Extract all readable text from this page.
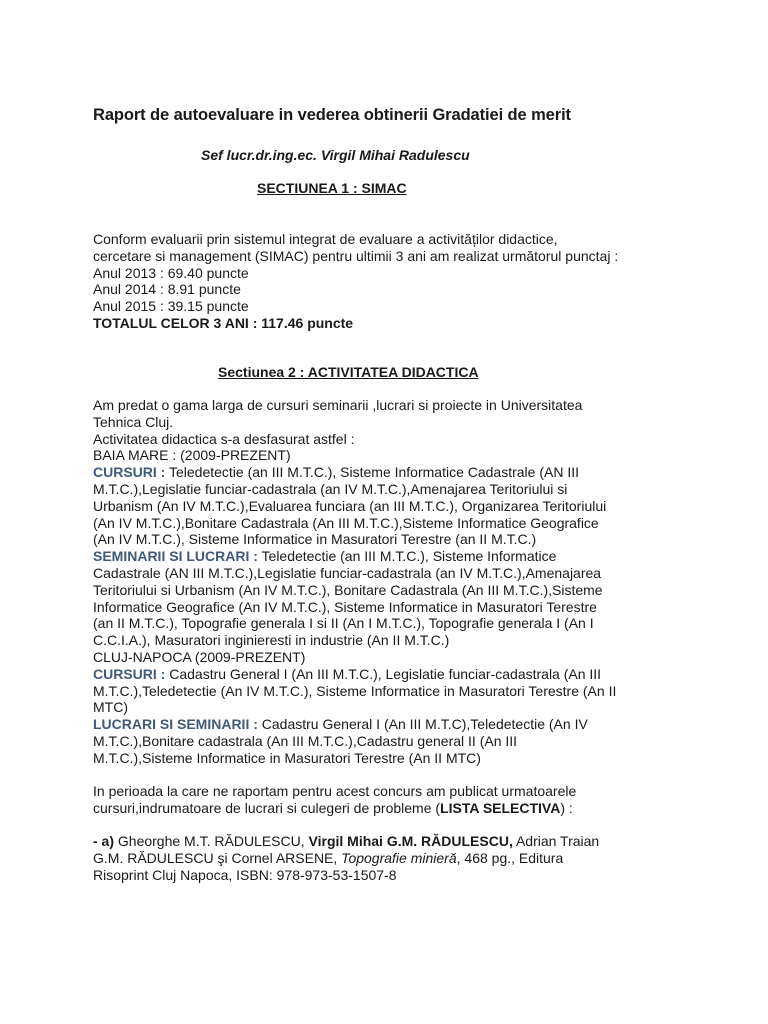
Raport de autoevaluare in vederea obtinerii Gradatiei de merit

Sef lucr.dr.ing.ec. Virgil Mihai Radulescu

SECTIUNEA 1 : SIMAC

Conform evaluarii prin sistemul integrat de evaluare a activităților didactice,
cercetare si management (SIMAC) pentru ultimii 3 ani am realizat următorul punctaj :
Anul 2013 : 69.40 puncte
Anul 2014 : 8.91 puncte
Anul 2015 : 39.15 puncte
TOTALUL CELOR 3 ANI : 117.46 puncte

Sectiunea 2 : ACTIVITATEA DIDACTICA

Am predat o gama larga de cursuri seminarii ,lucrari si proiecte in Universitatea
Tehnica Cluj.
Activitatea didactica s-a desfasurat astfel :
BAIA MARE : (2009-PREZENT)
CURSURI : Teledetectie (an III M.T.C.), Sisteme Informatice Cadastrale (AN III
M.T.C.),Legislatie funciar-cadastrala (an IV M.T.C.),Amenajarea Teritoriului si
Urbanism (An IV M.T.C.),Evaluarea funciara (an III M.T.C.), Organizarea Teritoriului
(An IV M.T.C.),Bonitare Cadastrala (An III M.T.C.),Sisteme Informatice Geografice
(An IV M.T.C.), Sisteme Informatice in Masuratori Terestre (an II M.T.C.)
SEMINARII SI LUCRARI : Teledetectie (an III M.T.C.), Sisteme Informatice
Cadastrale (AN III M.T.C.),Legislatie funciar-cadastrala (an IV M.T.C.),Amenajarea
Teritoriului si Urbanism (An IV M.T.C.), Bonitare Cadastrala (An III M.T.C.),Sisteme
Informatice Geografice (An IV M.T.C.), Sisteme Informatice in Masuratori Terestre
(an II M.T.C.), Topografie generala I si II (An I M.T.C.), Topografie generala I (An I
C.C.I.A.), Masuratori inginieresti in industrie (An II M.T.C.)
CLUJ-NAPOCA (2009-PREZENT)
CURSURI : Cadastru General I (An III M.T.C.), Legislatie funciar-cadastrala (An III
M.T.C.),Teledetectie (An IV M.T.C.), Sisteme Informatice in Masuratori Terestre (An II
MTC)
LUCRARI SI SEMINARII : Cadastru General I (An III M.T.C),Teledetectie (An IV
M.T.C.),Bonitare cadastrala (An III M.T.C.),Cadastru general II (An III
M.T.C.),Sisteme Informatice in Masuratori Terestre (An II MTC)
In perioada la care ne raportam pentru acest concurs am publicat urmatoarele
cursuri,indrumatoare de lucrari si culegeri de probleme (LISTA SELECTIVA) :
- a) Gheorghe M.T. RĂDULESCU, Virgil Mihai G.M. RĂDULESCU, Adrian Traian
G.M. RĂDULESCU şi Cornel ARSENE, Topografie minieră, 468 pg., Editura
Risoprint Cluj Napoca, ISBN: 978-973-53-1507-8
